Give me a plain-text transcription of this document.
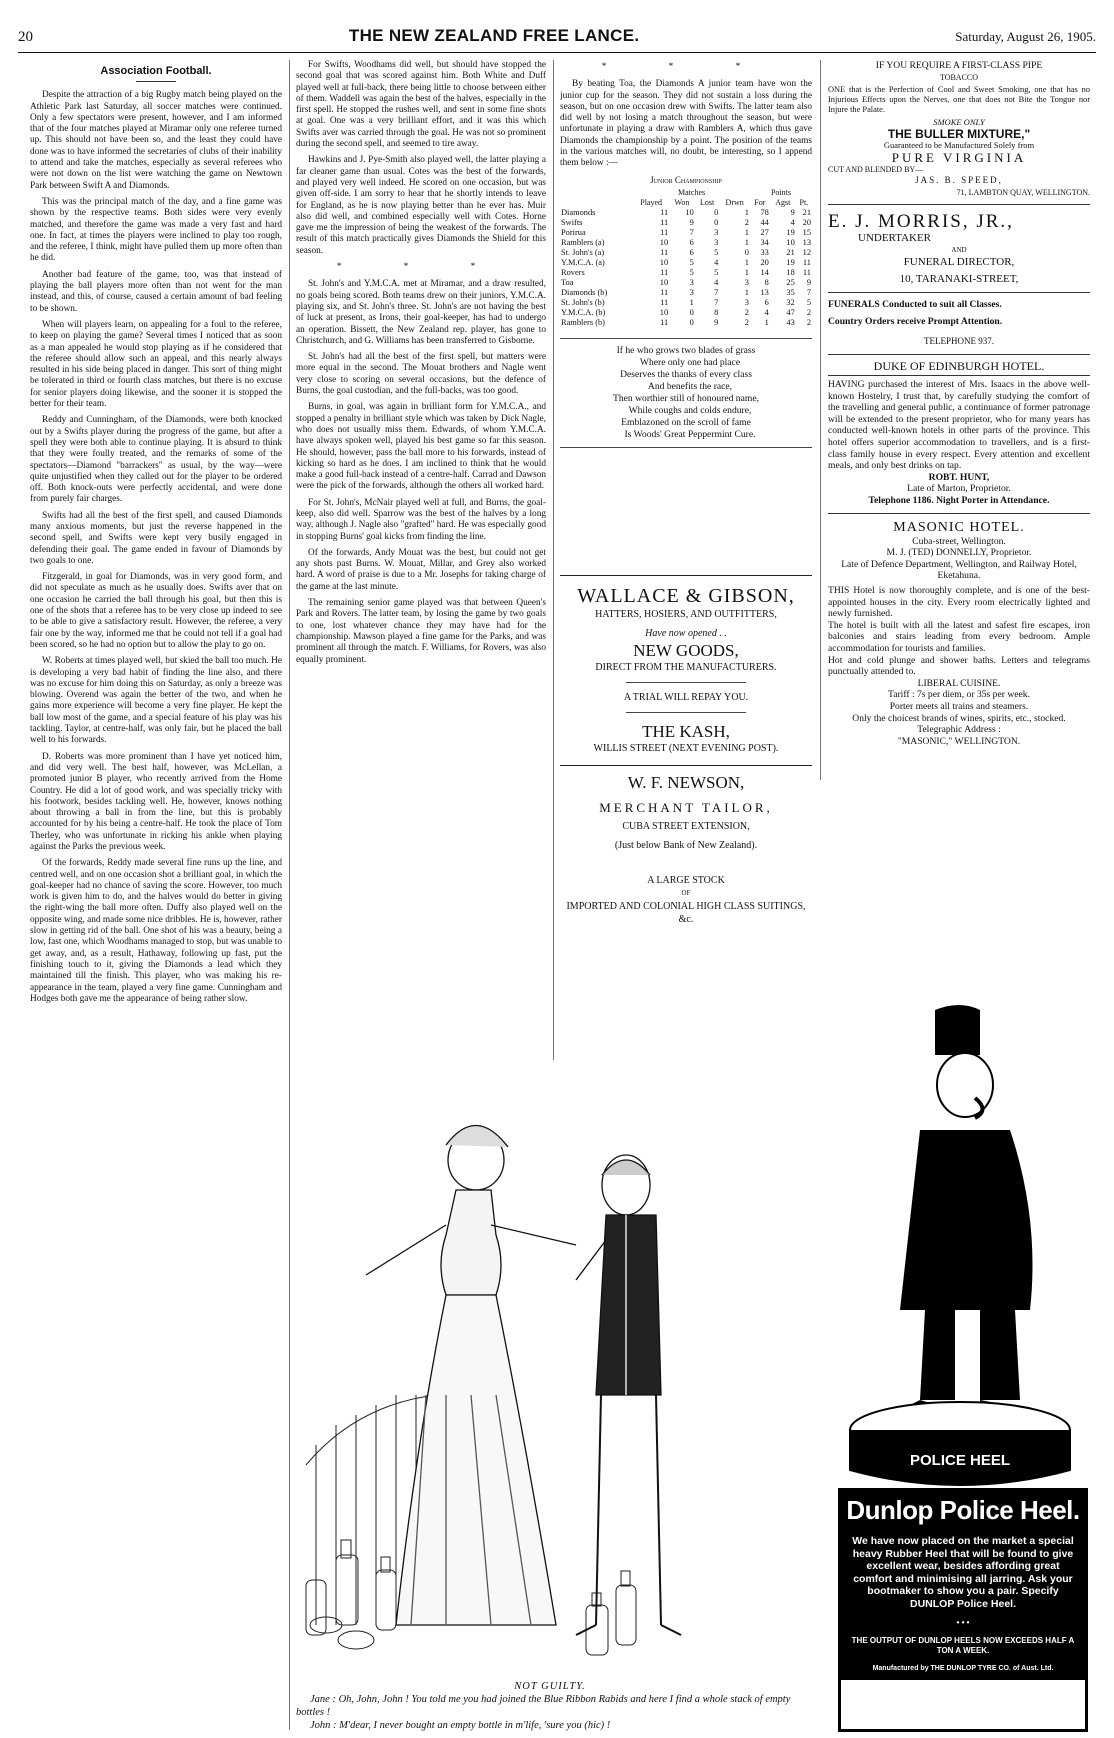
20	THE NEW ZEALAND FREE LANCE.	Saturday, August 26, 1905.
Association Football.

Despite the attraction of a big Rugby match being played on the Athletic Park last Saturday, all soccer matches were continued. Only a few spectators were present, however, and I am informed that of the four matches played at Miramar only one referee turned up. This should not have been so, and the least they could have done was to have informed the secretaries of clubs of their inability to attend and take the matches, especially as several referees who were not down on the list were watching the game on Newtown Park between Swift A and Diamonds.

This was the principal match of the day, and a fine game was shown by the respective teams. Both sides were very evenly matched, and therefore the game was made a very fast and hard one. In fact, at times the players were inclined to play too rough, and the referee, I think, might have pulled them up more often than he did.

Another bad feature of the game, too, was that instead of playing the ball players more often than not went for the man instead, and this, of course, caused a certain amount of bad feeling to be shown.

When will players learn, on appealing for a foul to the referee, to keep on playing the game? Several times I noticed that as soon as a man appealed he would stop playing as if he considered that the referee should allow such an appeal, and this nearly always resulted in his side being placed in danger. This sort of thing might be tolerated in third or fourth class matches, but there is no excuse for senior players doing likewise, and the sooner it is stopped the better for their team.

Reddy and Cunningham, of the Diamonds, were both knocked out by a Swifts player during the progress of the game, but after a spell they were both able to continue playing. It is absurd to think that they were foully treated, and the remarks of some of the spectators—Diamond "barrackers" as usual, by the way—were quite unjustified when they called out for the player to be ordered off. Both knock-outs were perfectly accidental, and were done from purely fair charges.

Swifts had all the best of the first spell, and caused Diamonds many anxious moments, but just the reverse happened in the second spell, and Swifts were kept very busily engaged in defending their goal. The game ended in favour of Diamonds by two goals to one.

Fitzgerald, in goal for Diamonds, was in very good form, and did not speculate as much as he usually does. Swifts aver that on one occasion he carried the ball through his goal, but then this is one of the shots that a referee has to be very close up indeed to see to be able to give a satisfactory result. However, the referee, a very fair one by the way, informed me that he could not tell if a goal had been scored, so he had no option but to allow the play to go on.

W. Roberts at times played well, but skied the ball too much. He is developing a very bad habit of finding the line also, and there was no excuse for him doing this on Saturday, as only a breeze was blowing. Overend was again the better of the two, and when he gains more experience will become a very fine player. He kept the ball low most of the game, and a special feature of his play was his tackling. Taylor, at centre-half, was only fair, but he placed the ball well to his forwards.

D. Roberts was more prominent than I have yet noticed him, and did very well. The best half, however, was McLellan, a promoted junior B player, who recently arrived from the Home Country. He did a lot of good work, and was specially tricky with his footwork, besides tackling well. He, however, knows nothing about throwing a ball in from the line, but this is probably accounted for by his being a centre-half. He took the place of Tom Therley, who was unfortunate in ricking his ankle when playing against the Parks the previous week.

Of the forwards, Reddy made several fine runs up the line, and centred well, and on one occasion shot a brilliant goal, in which the goal-keeper had no chance of saving the score. However, too much work is given him to do, and the halves would do better in giving the right-wing the ball more often. Duffy also played well on the opposite wing, and made some nice dribbles. He is, however, rather slow in getting rid of the ball. One shot of his was a beauty, being a low, fast one, which Woodhams managed to stop, but was unable to get away, and, as a result, Hathaway, following up fast, put the finishing touch to it, giving the Diamonds a lead which they maintained till the finish. This player, who was making his re-appearance in the team, played a very fine game. Cunningham and Hodges both gave me the appearance of being rather slow.

For Swifts, Woodhams did well, but should have stopped the second goal that was scored against him. Both White and Duff played well at full-back, there being little to choose between either of them. Waddell was again the best of the halves, especially in the first spell. He stopped the rushes well, and sent in some fine shots at goal. One was a very brilliant effort, and it was this which Swifts aver was carried through the goal. He was not so prominent during the second spell, and seemed to tire away.

Hawkins and J. Pye-Smith also played well, the latter playing a far cleaner game than usual. Cotes was the best of the forwards, and played very well indeed. He scored on one occasion, but was given off-side. I am sorry to hear that he shortly intends to leave for England, as he is now playing better than he ever has. Muir also did well, and combined especially well with Cotes. Horne gave me the impression of being the weakest of the forwards. The result of this match practically gives Diamonds the Shield for this season.

* * *

St. John's and Y.M.C.A. met at Miramar, and a draw resulted, no goals being scored. Both teams drew on their juniors, Y.M.C.A. playing six, and St. John's three. St. John's are not having the best of luck at present, as Irons, their goal-keeper, has had to undergo an operation. Bissett, the New Zealand rep. player, has gone to Christchurch, and G. Williams has been transferred to Gisborne.

St. John's had all the best of the first spell, but matters were more equal in the second. The Mouat brothers and Nagle went very close to scoring on several occasions, but the defence of Burns, the goal custodian, and the full-backs, was too good.

Burns, in goal, was again in brilliant form for Y.M.C.A., and stopped a penalty in brilliant style which was taken by Dick Nagle, who does not usually miss them. Edwards, of whom Y.M.C.A. have always spoken well, played his best game so far this season. He should, however, pass the ball more to his forwards, instead of kicking so hard as he does. I am inclined to think that he would make a good full-back instead of a centre-half. Carrad and Dawson were the pick of the forwards, although the others all worked hard.

For St. John's, McNair played well at full, and Burns, the goal-keep, also did well. Sparrow was the best of the halves by a long way, although J. Nagle also "grafted" hard. He was especially good in stopping Burns' goal kicks from finding the line.

Of the forwards, Andy Mouat was the best, but could not get any shots past Burns. W. Mouat, Millar, and Grey also worked hard. A word of praise is due to a Mr. Josephs for taking charge of the game at the last minute.

The remaining senior game played was that between Queen's Park and Rovers. The latter team, by losing the game by two goals to one, lost whatever chance they may have had for the championship. Mawson played a fine game for the Parks, and was prominent all through the match. F. Williams, for Rovers, was also equally prominent.

* * *

By beating Toa, the Diamonds A junior team have won the junior cup for the season. They did not sustain a loss during the season, but on one occasion drew with Swifts. The latter team also did well by not losing a match throughout the season, but were unfortunate in playing a draw with Ramblers A, which thus gave Diamonds the championship by a point. The position of the teams in the various matches will, no doubt, be interesting, so I append them below :—

Junior Championship
	Matches				Points		
	Played	Won	Lost	Drwn	For	Agst	Pt.
Diamonds	11	10	0	1	78	9	21
Swifts	11	9	0	2	44	4	20
Porirua	11	7	3	1	27	19	15
Ramblers (a)	10	6	3	1	34	10	13
St. John's (a)	11	6	5	0	33	21	12
Y.M.C.A. (a)	10	5	4	1	20	19	11
Rovers	11	5	5	1	14	18	11
Toa	10	3	4	3	8	25	9
Diamonds (b)	11	3	7	1	13	35	7
St. John's (b)	11	1	7	3	6	32	5
Y.M.C.A. (b)	10	0	8	2	4	47	2
Ramblers (b)	11	0	9	2	1	43	2
If he who grows two blades of grass
Where only one had place
Deserves the thanks of every class
And benefits the race,
Then worthier still of honoured name,
While coughs and colds endure,
Emblazoned on the scroll of fame
Is Woods' Great Peppermint Cure.
WALLACE & GIBSON,
HATTERS, HOSIERS, AND OUTFITTERS,
Have now opened . .
NEW GOODS,
DIRECT FROM THE MANUFACTURERS.
A TRIAL WILL REPAY YOU.
THE KASH,
WILLIS STREET (NEXT EVENING POST).
W. F. NEWSON,
MERCHANT TAILOR,
CUBA STREET EXTENSION,
(Just below Bank of New Zealand).
A LARGE STOCK
OF
IMPORTED AND COLONIAL HIGH CLASS SUITINGS, &c.
IF YOU REQUIRE A FIRST-CLASS PIPE
TOBACCO
ONE that is the Perfection of Cool and Sweet Smoking, one that has no Injurious Effects upon the Nerves, one that does not Bite the Tongue nor Injure the Palate.
SMOKE ONLY
THE BULLER MIXTURE,"
Guaranteed to be Manufactured Solely from
PURE VIRGINIA
CUT AND BLENDED BY—
JAS. B. SPEED,
71, LAMBTON QUAY, WELLINGTON.
E. J. MORRIS, JR.,
UNDERTAKER
AND
FUNERAL DIRECTOR,
10, TARANAKI-STREET,
FUNERALS Conducted to suit all Classes.
Country Orders receive Prompt Attention.
TELEPHONE 937.
DUKE OF EDINBURGH HOTEL.
HAVING purchased the interest of Mrs. Isaacs in the above well-known Hostelry, I trust that, by carefully studying the comfort of the travelling and general public, a continuance of former patronage will be extended to the present proprietor, who for many years has conducted well-known hotels in other parts of the province. This hotel offers superior accommodation to travellers, and is a first-class family house in every respect. Every attention and excellent meals, and only best drinks on tap.
ROBT. HUNT,
Late of Marton, Proprietor.
Telephone 1186. Night Porter in Attendance.
MASONIC HOTEL.
Cuba-street, Wellington.
M. J. (TED) DONNELLY, Proprietor.
Late of Defence Department, Wellington, and Railway Hotel, Eketahuna.
THIS Hotel is now thoroughly complete, and is one of the best-appointed houses in the city. Every room electrically lighted and newly furnished.
The hotel is built with all the latest and safest fire escapes, iron balconies and stairs leading from every bedroom. Ample accommodation for tourists and families.
Hot and cold plunge and shower baths. Letters and telegrams punctually attended to.
LIBERAL CUISINE.
Tariff : 7s per diem, or 35s per week.
Porter meets all trains and steamers.
Only the choicest brands of wines, spirits, etc., stocked.
Telegraphic Address :
"MASONIC," WELLINGTON.
NOT GUILTY.
Jane : Oh, John, John ! You told me you had joined the Blue Ribbon Rabids and here I find a whole stack of empty bottles !
John : M'dear, I never bought an empty bottle in m'life, 'sure you (hic) !
POLICE HEEL
Dunlop Police Heel.
We have now placed on the market a special heavy Rubber Heel that will be found to give excellent wear, besides affording great comfort and minimising all jarring. Ask your bootmaker to show you a pair. Specify DUNLOP Police Heel.
• • •
THE OUTPUT OF DUNLOP HEELS NOW EXCEEDS HALF A TON A WEEK.
Manufactured by THE DUNLOP TYRE CO. of Aust. Ltd.
